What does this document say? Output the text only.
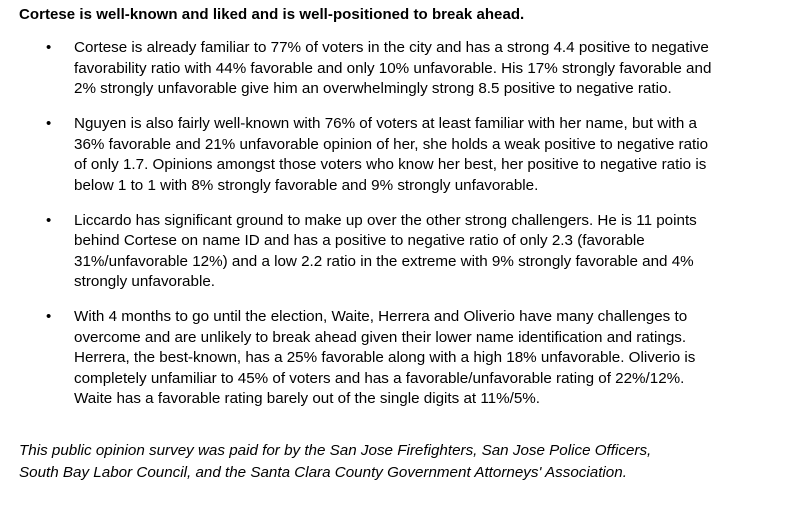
Cortese is well-known and liked and is well-positioned to break ahead.
• Cortese is already familiar to 77% of voters in the city and has a strong 4.4 positive to negative
favorability ratio with 44% favorable and only 10% unfavorable. His 17% strongly favorable and
2% strongly unfavorable give him an overwhelmingly strong 8.5 positive to negative ratio.
• Nguyen is also fairly well-known with 76% of voters at least familiar with her name, but with a
36% favorable and 21% unfavorable opinion of her, she holds a weak positive to negative ratio
of only 1.7. Opinions amongst those voters who know her best, her positive to negative ratio is
below 1 to 1 with 8% strongly favorable and 9% strongly unfavorable.
• Liccardo has significant ground to make up over the other strong challengers. He is 11 points
behind Cortese on name ID and has a positive to negative ratio of only 2.3 (favorable
31%/unfavorable 12%) and a low 2.2 ratio in the extreme with 9% strongly favorable and 4%
strongly unfavorable.
• With 4 months to go until the election, Waite, Herrera and Oliverio have many challenges to
overcome and are unlikely to break ahead given their lower name identification and ratings.
Herrera, the best-known, has a 25% favorable along with a high 18% unfavorable. Oliverio is
completely unfamiliar to 45% of voters and has a favorable/unfavorable rating of 22%/12%.
Waite has a favorable rating barely out of the single digits at 11%/5%.
This public opinion survey was paid for by the San Jose Firefighters, San Jose Police Officers,
South Bay Labor Council, and the Santa Clara County Government Attorneys' Association.
